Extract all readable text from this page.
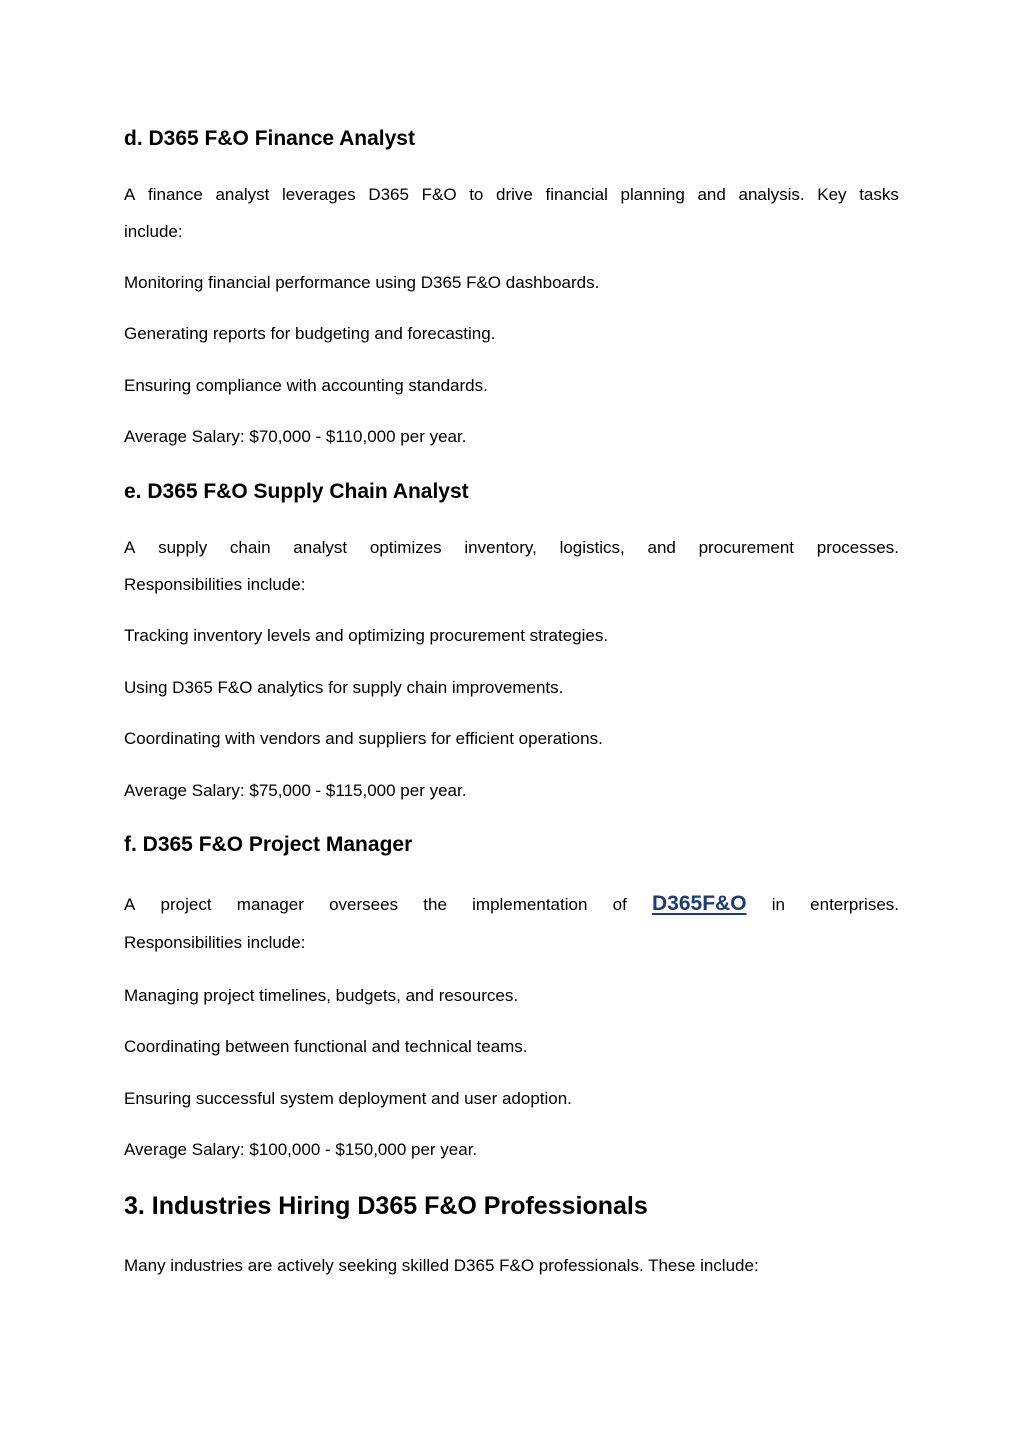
d. D365 F&O Finance Analyst
A finance analyst leverages D365 F&O to drive financial planning and analysis. Key tasks
include:

Monitoring financial performance using D365 F&O dashboards.

Generating reports for budgeting and forecasting.

Ensuring compliance with accounting standards.

Average Salary: $70,000 - $110,000 per year.

e. D365 F&O Supply Chain Analyst
A supply chain analyst optimizes inventory, logistics, and procurement processes.
Responsibilities include:

Tracking inventory levels and optimizing procurement strategies.

Using D365 F&O analytics for supply chain improvements.

Coordinating with vendors and suppliers for efficient operations.

Average Salary: $75,000 - $115,000 per year.

f. D365 F&O Project Manager
A project manager oversees the implementation of D365F&O in enterprises.
Responsibilities include:

Managing project timelines, budgets, and resources.

Coordinating between functional and technical teams.

Ensuring successful system deployment and user adoption.

Average Salary: $100,000 - $150,000 per year.

3. Industries Hiring D365 F&O Professionals

Many industries are actively seeking skilled D365 F&O professionals. These include:
